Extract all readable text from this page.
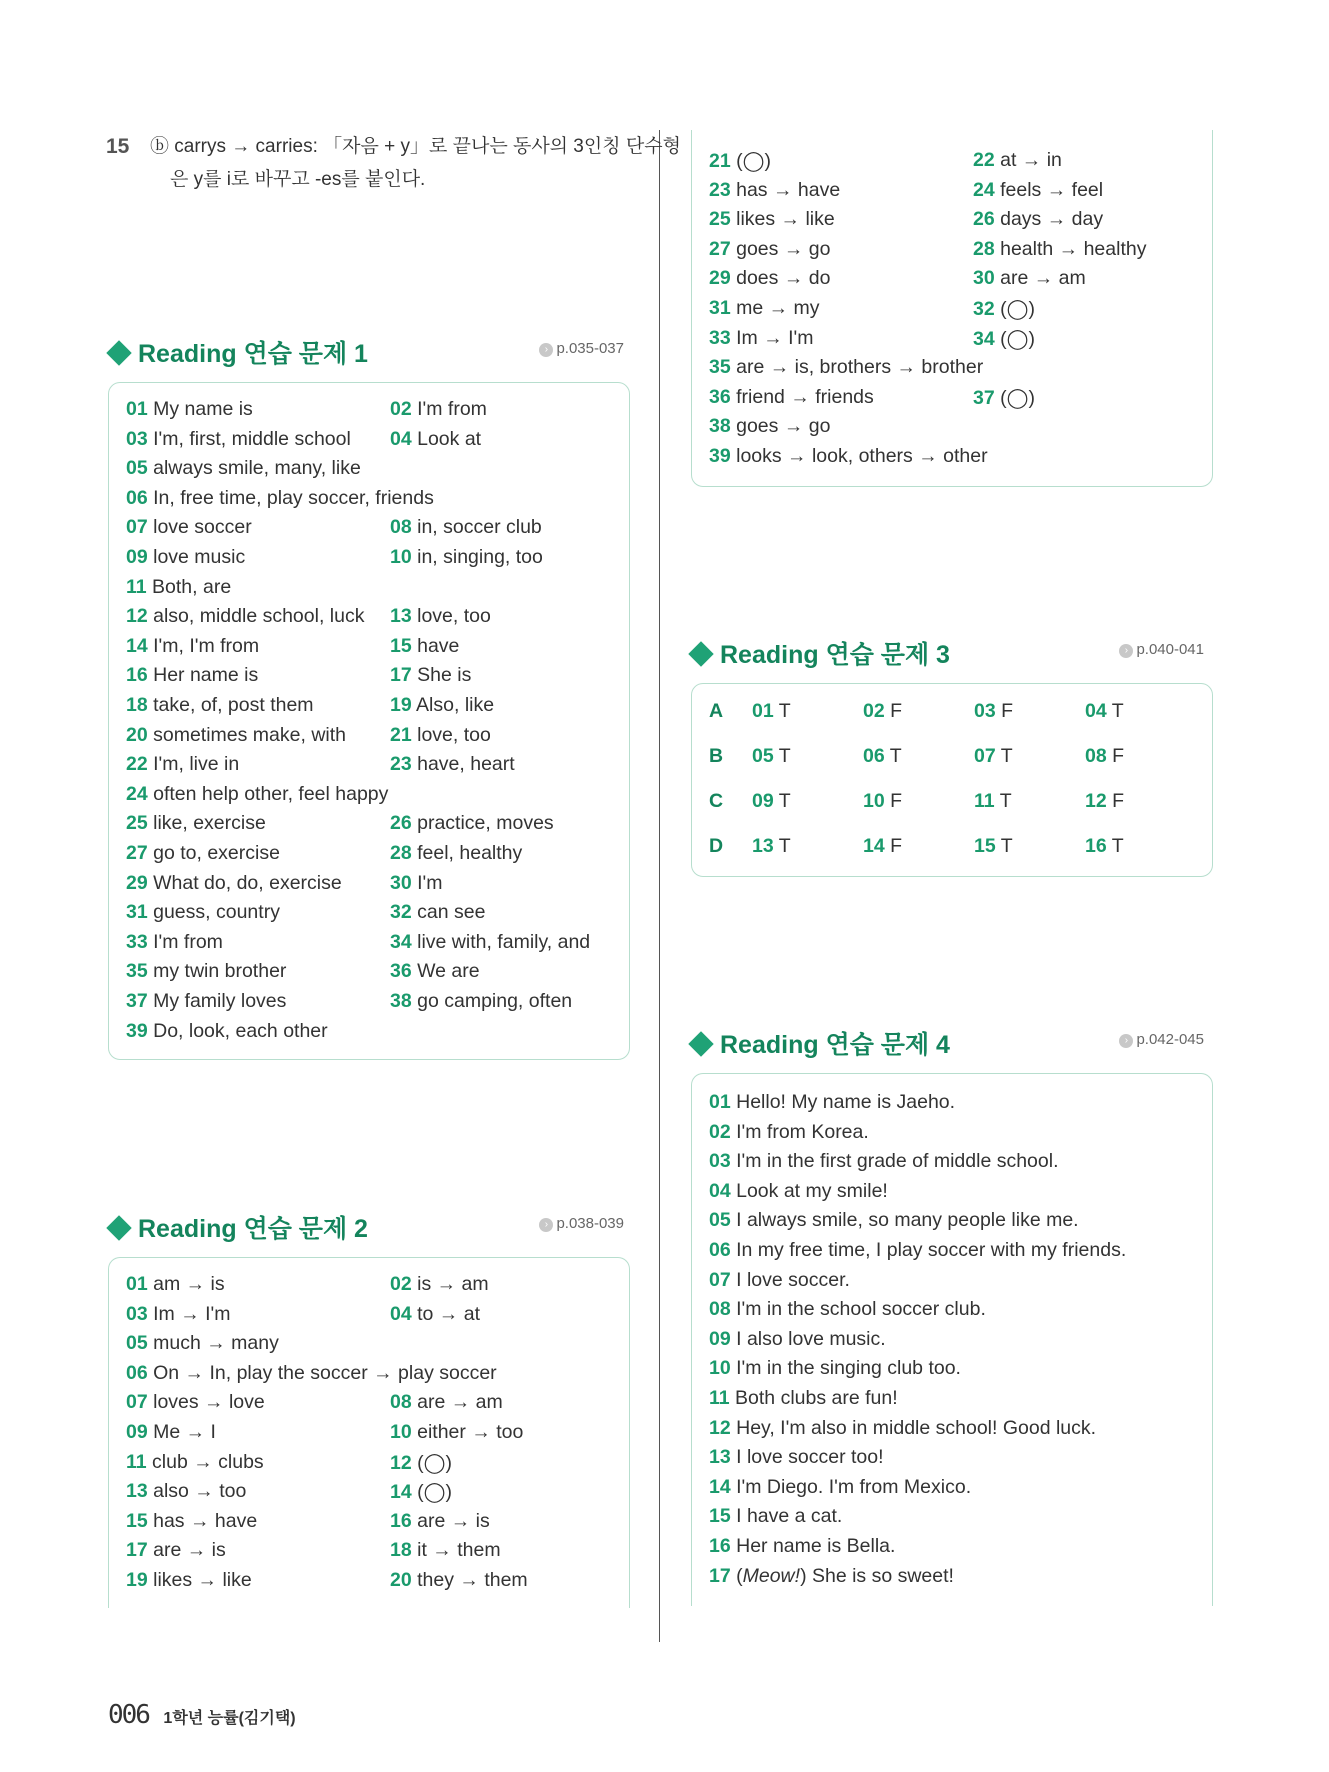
15 ⓑ carrys → carries: 「자음 + y」로 끝나는 동사의 3인칭 단수형
은 y를 i로 바꾸고 -es를 붙인다.
Reading 연습 문제 1	› p.035-037
01 My name is	02 I'm from
03 I'm, first, middle school 04 Look at
05 always smile, many, like
06 In, free time, play soccer, friends
07 love soccer	08 in, soccer club
09 love music	10 in, singing, too
11 Both, are
12 also, middle school, luck 13 love, too
14 I'm, I'm from	15 have
16 Her name is	17 She is
18 take, of, post them	19 Also, like
20 sometimes make, with 21 love, too
22 I'm, live in	23 have, heart
24 often help other, feel happy
25 like, exercise	26 practice, moves
27 go to, exercise	28 feel, healthy
29 What do, do, exercise 30 I'm
31 guess, country	32 can see
33 I'm from	34 live with, family, and
35 my twin brother	36 We are
37 My family loves	38 go camping, often
39 Do, look, each other
Reading 연습 문제 2	› p.038-039
01 am → is	02 is → am
03 Im → I'm	04 to → at
05 much → many
06 On → In, play the soccer → play soccer
07 loves → love	08 are → am
09 Me → I	10 either → too
11 club → clubs	12 (◯)
13 also → too	14 (◯)
15 has → have	16 are → is
17 are → is	18 it → them
19 likes → like	20 they → them
21 (◯)	22 at → in
23 has → have	24 feels → feel
25 likes → like	26 days → day
27 goes → go	28 health → healthy
29 does → do	30 are → am
31 me → my	32 (◯)
33 Im → I'm	34 (◯)
35 are → is, brothers → brother
36 friend → friends	37 (◯)
38 goes → go
39 looks → look, others → other
Reading 연습 문제 3	› p.040-041
A 01 T	02 F	03 F	04 T
B 05 T	06 T	07 T	08 F
C 09 T	10 F	11 T	12 F
D 13 T	14 F	15 T	16 T
Reading 연습 문제 4	› p.042-045
01 Hello! My name is Jaeho.
02 I'm from Korea.
03 I'm in the first grade of middle school.
04 Look at my smile!
05 I always smile, so many people like me.
06 In my free time, I play soccer with my friends.
07 I love soccer.
08 I'm in the school soccer club.
09 I also love music.
10 I'm in the singing club too.
11 Both clubs are fun!
12 Hey, I'm also in middle school! Good luck.
13 I love soccer too!
14 I'm Diego. I'm from Mexico.
15 I have a cat.
16 Her name is Bella.
17 (Meow!) She is so sweet!
006 1학년 능률(김기택)
